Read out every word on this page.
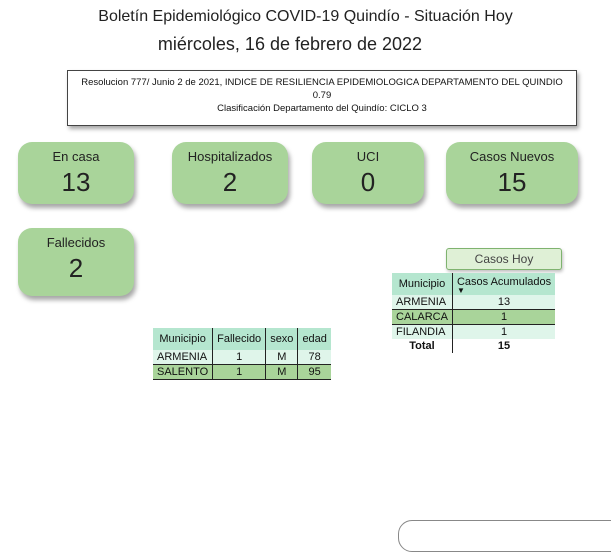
Boletín Epidemiológico COVID-19 Quindío - Situación Hoy
miércoles, 16 de febrero de 2022
Resolucion 777/ Junio 2 de 2021, INDICE DE RESILIENCIA EPIDEMIOLOGICA DEPARTAMENTO DEL QUINDIO 0.79
Clasificación Departamento del Quindío: CICLO 3
En casa
13
Hospitalizados
2
UCI
0
Casos Nuevos
15
Fallecidos
2	Casos Hoy
Municipio	Fallecido	sexo	edad
ARMENIA	1	M	78
SALENTO	1	M	95
Municipio	Casos Acumulados
▼

ARMENIA	13
CALARCA	1
FILANDIA	1
Total	15
